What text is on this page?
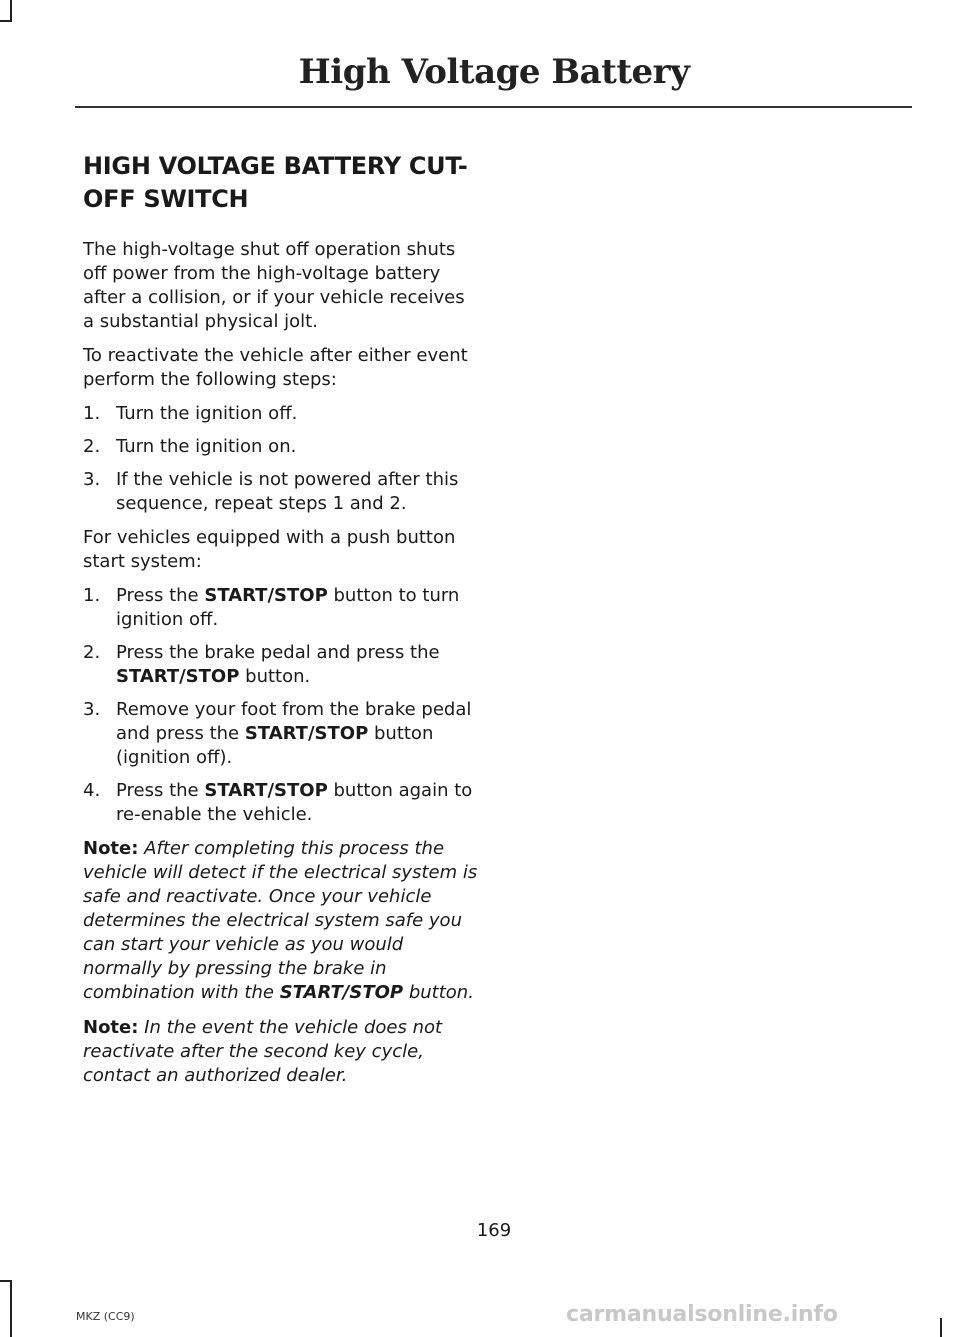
High Voltage Battery
HIGH VOLTAGE BATTERY CUT-OFF SWITCH

The high-voltage shut off operation shuts off power from the high-voltage battery after a collision, or if your vehicle receives a substantial physical jolt.

To reactivate the vehicle after either event perform the following steps:

1. Turn the ignition off.
2. Turn the ignition on.
3. If the vehicle is not powered after this sequence, repeat steps 1 and 2.

For vehicles equipped with a push button start system:

1. Press the START/STOP button to turn ignition off.
2. Press the brake pedal and press the START/STOP button.
3. Remove your foot from the brake pedal and press the START/STOP button (ignition off).
4. Press the START/STOP button again to re-enable the vehicle.

Note: After completing this process the vehicle will detect if the electrical system is safe and reactivate. Once your vehicle determines the electrical system safe you can start your vehicle as you would normally by pressing the brake in combination with the START/STOP button.

Note: In the event the vehicle does not reactivate after the second key cycle, contact an authorized dealer.

169
MKZ (CC9)	carmanualsonline.info
